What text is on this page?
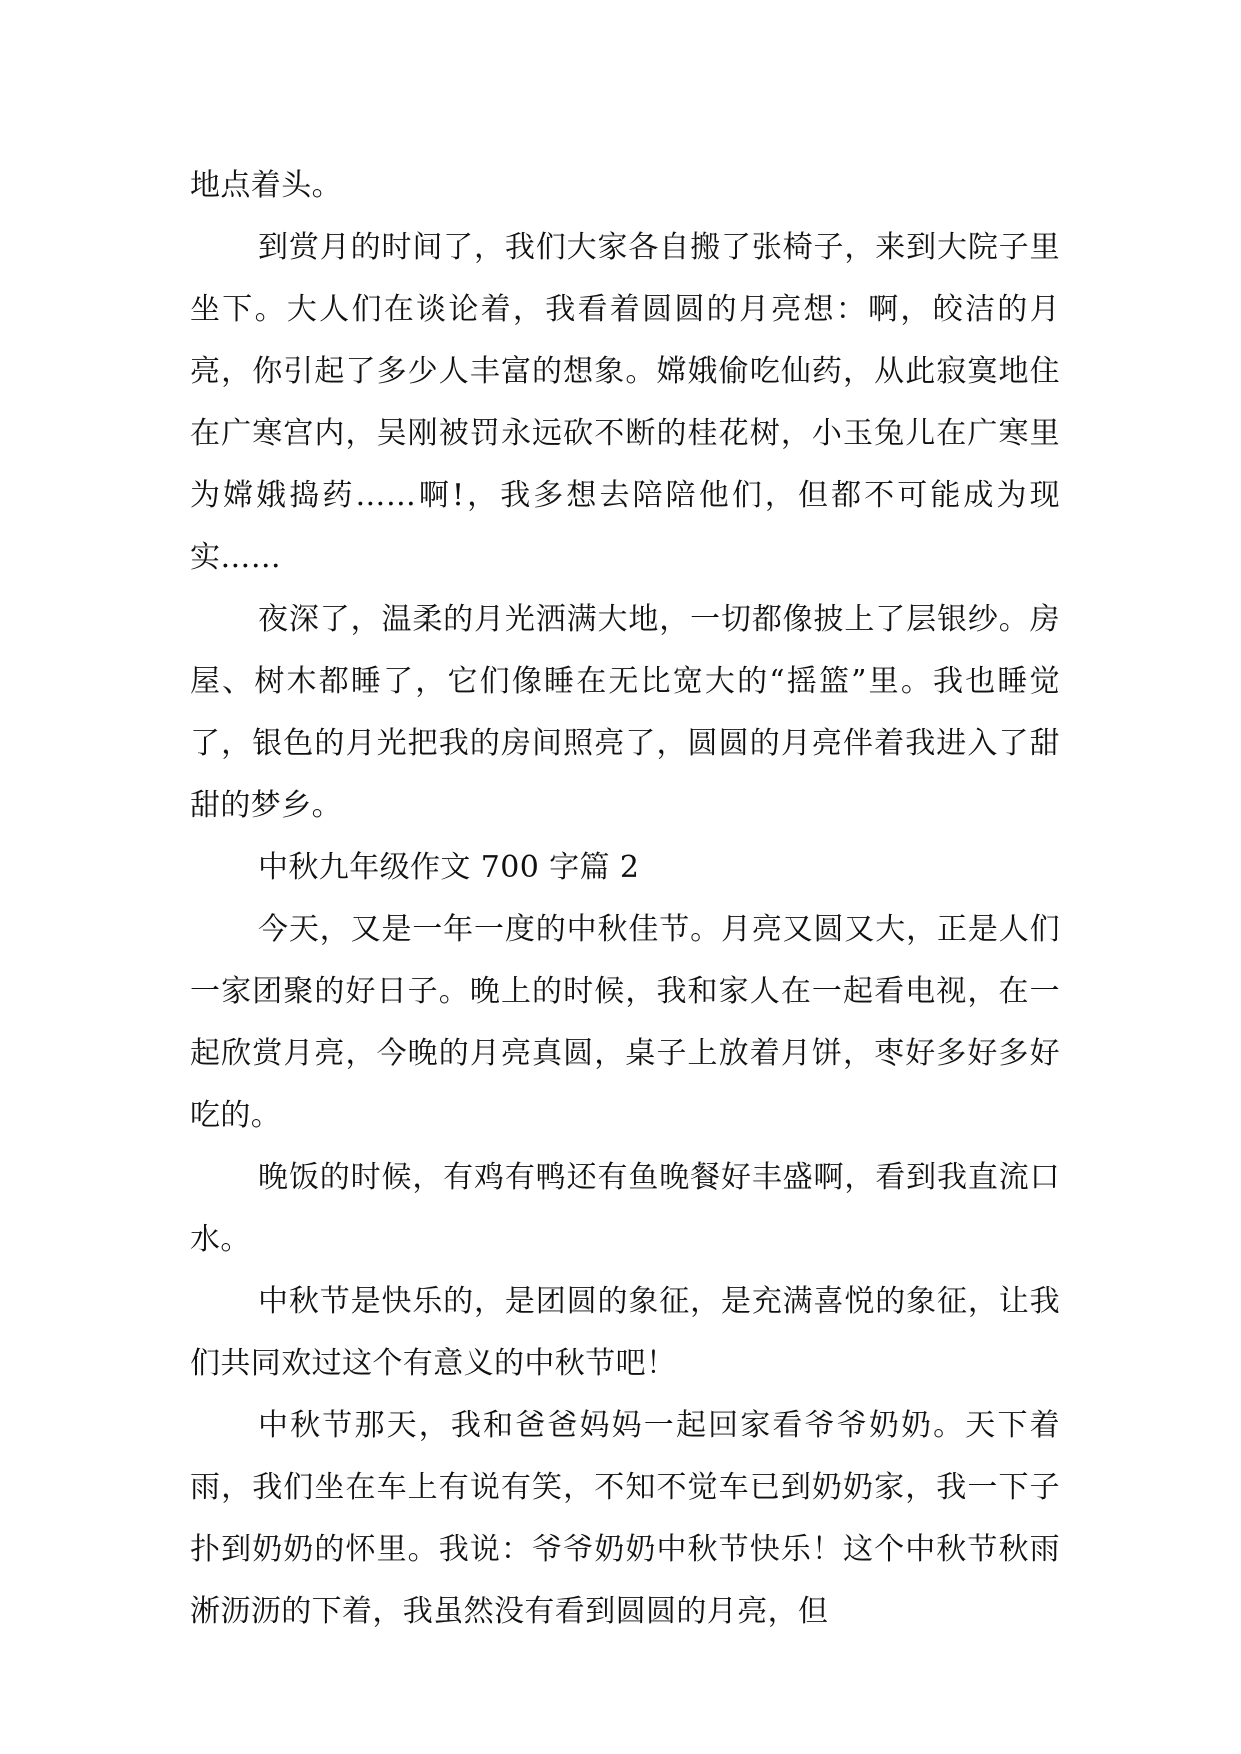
地点着头。

到赏月的时间了，我们大家各自搬了张椅子，来到大院子里坐下。大人们在谈论着，我看着圆圆的月亮想：啊，皎洁的月亮，你引起了多少人丰富的想象。嫦娥偷吃仙药，从此寂寞地住在广寒宫内，吴刚被罚永远砍不断的桂花树，小玉兔儿在广寒里为嫦娥捣药……啊!，我多想去陪陪他们，但都不可能成为现实……

夜深了，温柔的月光洒满大地，一切都像披上了层银纱。房屋、树木都睡了，它们像睡在无比宽大的“摇篮”里。我也睡觉了，银色的月光把我的房间照亮了，圆圆的月亮伴着我进入了甜甜的梦乡。

中秋九年级作文 700 字篇 2

今天，又是一年一度的中秋佳节。月亮又圆又大，正是人们一家团聚的好日子。晚上的时候，我和家人在一起看电视，在一起欣赏月亮，今晚的月亮真圆，桌子上放着月饼，枣好多好多好吃的。

晚饭的时候，有鸡有鸭还有鱼晚餐好丰盛啊，看到我直流口水。

中秋节是快乐的，是团圆的象征，是充满喜悦的象征，让我们共同欢过这个有意义的中秋节吧！

中秋节那天，我和爸爸妈妈一起回家看爷爷奶奶。天下着雨，我们坐在车上有说有笑，不知不觉车已到奶奶家，我一下子扑到奶奶的怀里。我说：爷爷奶奶中秋节快乐！这个中秋节秋雨淅沥沥的下着，我虽然没有看到圆圆的月亮，但
